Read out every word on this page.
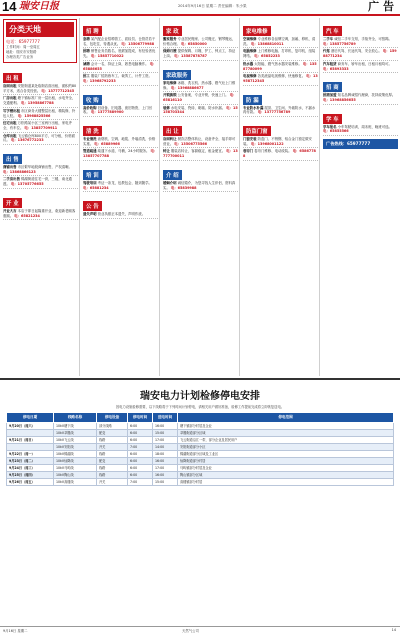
14 瑞安日报	2014年9月16日 星期二 责任编辑：朱小果	广 告
分类天地
电话：65977777
工作时间：周一至周五
地址：瑞安市安阳路
办理各类广告业务
出 租
店面出租 安阳街道某处临街店面出租，面积约80平方米，适合各类经营。 电：13777712345
厂房出租 塘下镇标准厂房一层出租，水电齐全，交通便利。 电：13958867788
写字楼出租 市区商务大楼整层出租，精装修，拎包入驻。 电：15968825566
住宅出租 万松路某小区三室两厅出租，家电齐全，有车位。 电：13857709911
仓库出租 飞云镇仓库800平方，可分租，价格面议。 电：13676772233
出 售
商铺出售 市区繁华地段商铺出售，产权清晰。 电：13868866123
二手房出售 锦湖街道住宅一套，三楼，南北通透。 电：13705776655
开 业
开业大吉 本店于即日起隆重开业，欢迎新老顾客惠顾。 电：65821234
招 聘
急聘 某汽配企业招聘普工、质检员、仓管员若干名，包吃住，待遇从优。 电：13506779988
招聘 销售业务员数名，底薪加提成，有经验者优先。 电：15857710022
诚聘 会计一名，持证上岗，熟悉电脑操作。 电：65886655
招工 服装厂招熟练车工、裁剪工，计件工资。 电：13968792233
收 购
高价收购 旧设备、旧电器、废旧物资，上门回收。 电：13777889900
清 洗
专业清洗 油烟机、空调、地毯、外墙清洗，价格实惠。 电：65889966
管道疏通 疏通下水道、马桶，24小时服务。 电：13857707788
培 训
驾驶培训 考证一条龙，包教包会，随到随学。 电：65881234
公 告
遗失声明 营业执照正本遗失，声明作废。
家 政
搬家服务 专业居民搬家、公司搬迁、钢琴搬运，价格合理。 电：65850000
保姆月嫂 提供保姆、月嫂、护工、钟点工，持证上岗。 电：13587878787
家政服务
家电维修 冰箱、洗衣机、热水器、燃气灶上门维修。 电：13968886677
开锁换锁 公安备案，专业开锁，快速上门。 电：65816110
装修 水电安装、瓷砖、刷墙、防水补漏。 电：15158703344
出 让
店面转让 餐饮店整体转让，设备齐全，接手即可营业。 电：13506775566
转让 服装店转让，客源稳定，租金便宜。 电：13777700011
介 绍
婚姻介绍 诚信婚介，为您寻找人生伴侣，资料真实。 电：65839988
家电维修
空调维修 专业维修各品牌空调，加氟、移机、清洗。 电：13868810011
电脑维修 上门维修电脑、打印机、复印机，组装网络。 电：65852233
热水器 太阳能、燃气热水器安装维修。 电：13587780099
电视维修 各类液晶电视维修，快速修复。 电：13958712345
防 漏
专业防水补漏 屋顶、卫生间、外墙防水，不漏水再付款。 电：13777756789
防盗门窗
门窗安装 防盗门、不锈钢、铝合金门窗定做安装。 电：13968001122
卷帘门 卷帘门维修、电动改装。 电：65867788
汽 车
二手车 诚信二手车交易，手续齐全，可按揭。 电：13857756789
代驾 酒后代驾、长途代驾，安全放心。 电：15988771234
汽车租赁 商务车、轿车出租，日租月租均可。 电：65893333
招 商
招商加盟 知名品牌诚招代理商，扶持政策优厚。 电：13968856655
学 车
学车报名 小车驾驶培训，周末班、晚班可选。 电：65855566
广告热线：65977777
瑞安电力计划检修停电安排
因电力设施检修需要，以下线路将于下列时间计划停电，请相关用户做好准备，检修工作提前完成将立即恢复送电。
停电日期	线路名称	停电设备	停电时间	送电时间	停电范围
9月20日（周六）	10kV塘下线	部分线路	6:00	16:00	塘下镇部分村居及企业
	10kV莘塍线	配变	6:00	15:00	莘塍街道部分区域
9月21日（周日）	10kV飞云线	线路	6:00	17:00	飞云街道沿江一带，部分企业及居民用户
	10kV安阳线	开关	7:00	14:00	安阳街道部分小区
9月22日（周一）	10kV锦湖线	线路	6:00	18:00	锦湖街道部分区域及工业区
9月23日（周二）	10kV仙降线	配变	6:00	16:00	仙降街道部分村居
9月24日（周三）	10kV马屿线	线路	6:00	17:00	马屿镇部分村居及企业
9月25日（周四）	10kV陶山线	线路	6:00	16:00	陶山镇部分区域
9月26日（周五）	10kV高楼线	开关	7:00	15:00	高楼镇部分村居
9月16日 星期二	天然气公司	14
